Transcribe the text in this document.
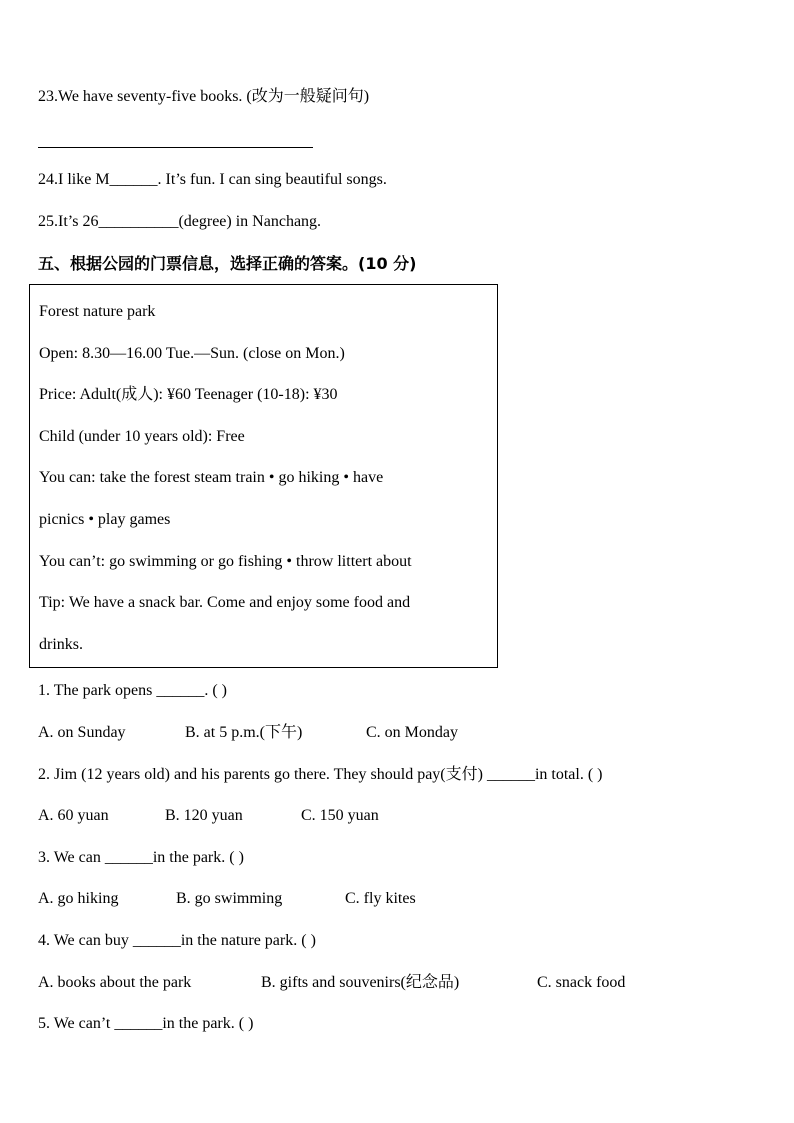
23.We have seventy-five books. (改为一般疑问句)
24.I like M______. It’s fun. I can sing beautiful songs.
25.It’s 26__________(degree) in Nanchang.
五、根据公园的门票信息，选择正确的答案。(10 分)
Forest nature park
Open: 8.30—16.00 Tue.—Sun. (close on Mon.)
Price: Adult(成人): ¥60 Teenager (10-18): ¥30
Child (under 10 years old): Free
You can: take the forest steam train • go hiking • have
picnics • play games
You can’t: go swimming or go fishing • throw littert about
Tip: We have a snack bar. Come and enjoy some food and
drinks.
1. The park opens ______. ( )
A. on Sunday	B. at 5 p.m.(下午)	C. on Monday
2. Jim (12 years old) and his parents go there. They should pay(支付) ______in total. ( )
A. 60 yuan	B. 120 yuan	C. 150 yuan
3. We can ______in the park. ( )
A. go hiking	B. go swimming	C. fly kites
4. We can buy ______in the nature park. ( )
A. books about the park	B. gifts and souvenirs(纪念品)	C. snack food
5. We can’t ______in the park. ( )
